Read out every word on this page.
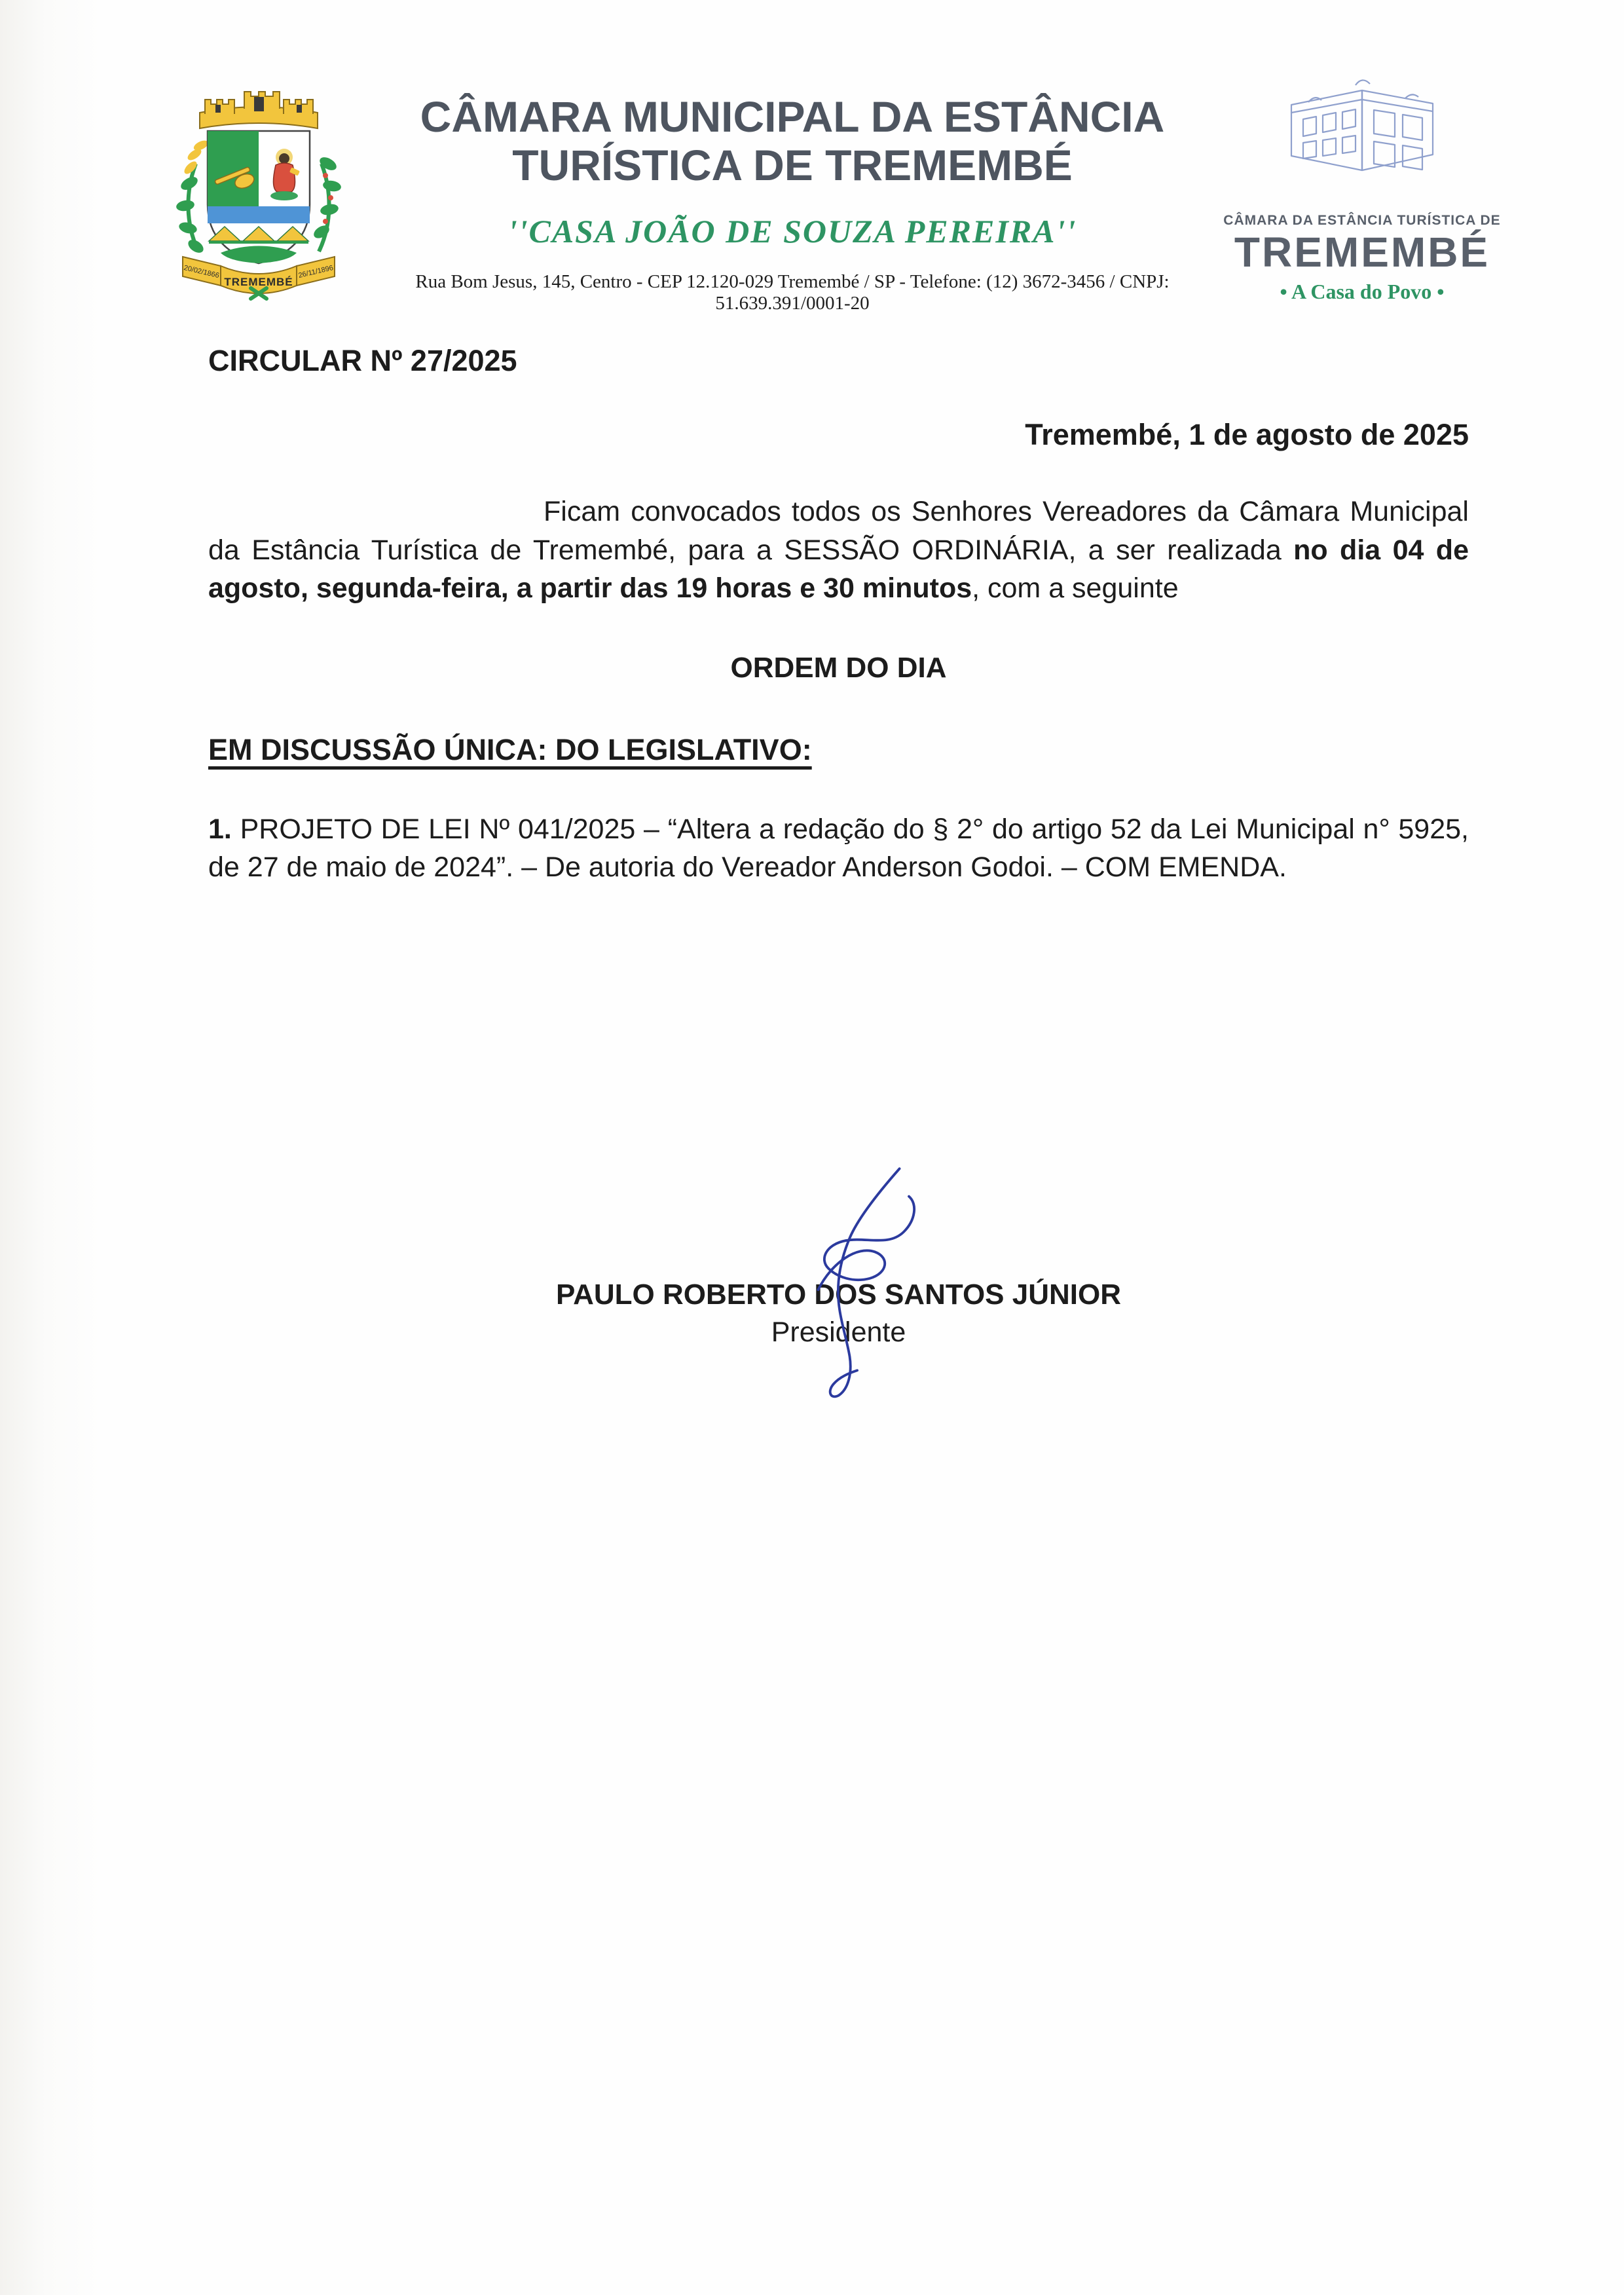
TREMEMBÉ
20/02/1866	26/11/1896
CÂMARA MUNICIPAL DA ESTÂNCIA
TURÍSTICA DE TREMEMBÉ
''CASA JOÃO DE SOUZA PEREIRA''
Rua Bom Jesus, 145, Centro - CEP 12.120-029 Tremembé / SP - Telefone: (12) 3672-3456 / CNPJ: 51.639.391/0001-20
CÂMARA DA ESTÂNCIA TURÍSTICA DE
TREMEMBÉ
• A Casa do Povo •

CIRCULAR Nº 27/2025

Tremembé, 1 de agosto de 2025

Ficam convocados todos os Senhores Vereadores da Câmara Municipal da Estância Turística de Tremembé, para a SESSÃO ORDINÁRIA, a ser realizada no dia 04 de agosto, segunda-feira, a partir das 19 horas e 30 minutos, com a seguinte

ORDEM DO DIA

EM DISCUSSÃO ÚNICA: DO LEGISLATIVO:

1. PROJETO DE LEI Nº 041/2025 – “Altera a redação do § 2° do artigo 52 da Lei Municipal n° 5925, de 27 de maio de 2024”. – De autoria do Vereador Anderson Godoi. – COM EMENDA.

PAULO ROBERTO DOS SANTOS JÚNIOR
Presidente
